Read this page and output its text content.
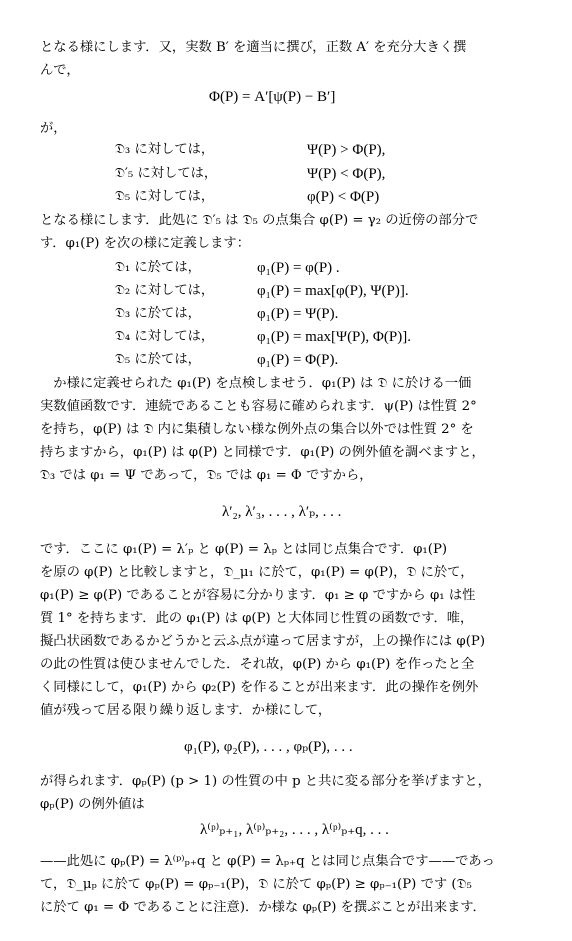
となる様にします．又，実数 B′ を適当に撰び，正数 A′ を充分大きく撰
んで，
Φ(P) = A′[ψ(P) − B′]
が，
𝔇₃ に対しては，	Ψ(P) > Φ(P),
𝔇′₅ に対しては，	Ψ(P) < Φ(P),
𝔇₅ に対しては，	φ(P) < Φ(P)
となる様にします．此処に 𝔇′₅ は 𝔇₅ の点集合 φ(P) = γ₂ の近傍の部分で
す．φ₁(P) を次の様に定義します：
𝔇₁ に於ては，	φ₁(P) = φ(P) .
𝔇₂ に対しては，	φ₁(P) = max[φ(P), Ψ(P)].
𝔇₃ に於ては，	φ₁(P) = Ψ(P).
𝔇₄ に対しては，	φ₁(P) = max[Ψ(P), Φ(P)].
𝔇₅ に於ては，	φ₁(P) = Φ(P).
　か様に定義せられた φ₁(P) を点検しませう．φ₁(P) は 𝔇 に於ける一価
実数値函数です．連続であることも容易に確められます．ψ(P) は性質 2°
を持ち，φ(P) は 𝔇 内に集積しない様な例外点の集合以外では性質 2° を
持ちますから，φ₁(P) は φ(P) と同様です．φ₁(P) の例外値を調べますと，
𝔇₃ では φ₁ = Ψ であって，𝔇₅ では φ₁ = Φ ですから，
λ′₂, λ′₃, . . . , λ′ₚ, . . .
です．ここに φ₁(P) = λ′ₚ と φ(P) = λₚ とは同じ点集合です．φ₁(P)
を原の φ(P) と比較しますと，𝔇_μ₁ に於て，φ₁(P) = φ(P)，𝔇 に於て，
φ₁(P) ≥ φ(P) であることが容易に分かります．φ₁ ≥ φ ですから φ₁ は性
質 1° を持ちます．此の φ₁(P) は φ(P) と大体同じ性質の函数です．唯，
擬凸状函数であるかどうかと云ふ点が違って居ますが，上の操作には φ(P)
の此の性質は使ひませんでした．それ故，φ(P) から φ₁(P) を作ったと全
く同様にして，φ₁(P) から φ₂(P) を作ることが出来ます．此の操作を例外
値が残って居る限り繰り返します．か様にして，
φ₁(P), φ₂(P), . . . , φₚ(P), . . .
が得られます．φₚ(P) (p > 1) の性質の中 p と共に変る部分を挙げますと，
φₚ(P) の例外値は
λ⁽ᵖ⁾ₚ₊₁, λ⁽ᵖ⁾ₚ₊₂, . . . , λ⁽ᵖ⁾ₚ₊q, . . .
——此処に φₚ(P) = λ⁽ᵖ⁾ₚ₊q と φ(P) = λₚ₊q とは同じ点集合です——であっ
て，𝔇_μₚ に於て φₚ(P) = φₚ₋₁(P)，𝔇 に於て φₚ(P) ≥ φₚ₋₁(P) です (𝔇₅
に於て φ₁ = Φ であることに注意)．か様な φₚ(P) を撰ぶことが出来ます．
